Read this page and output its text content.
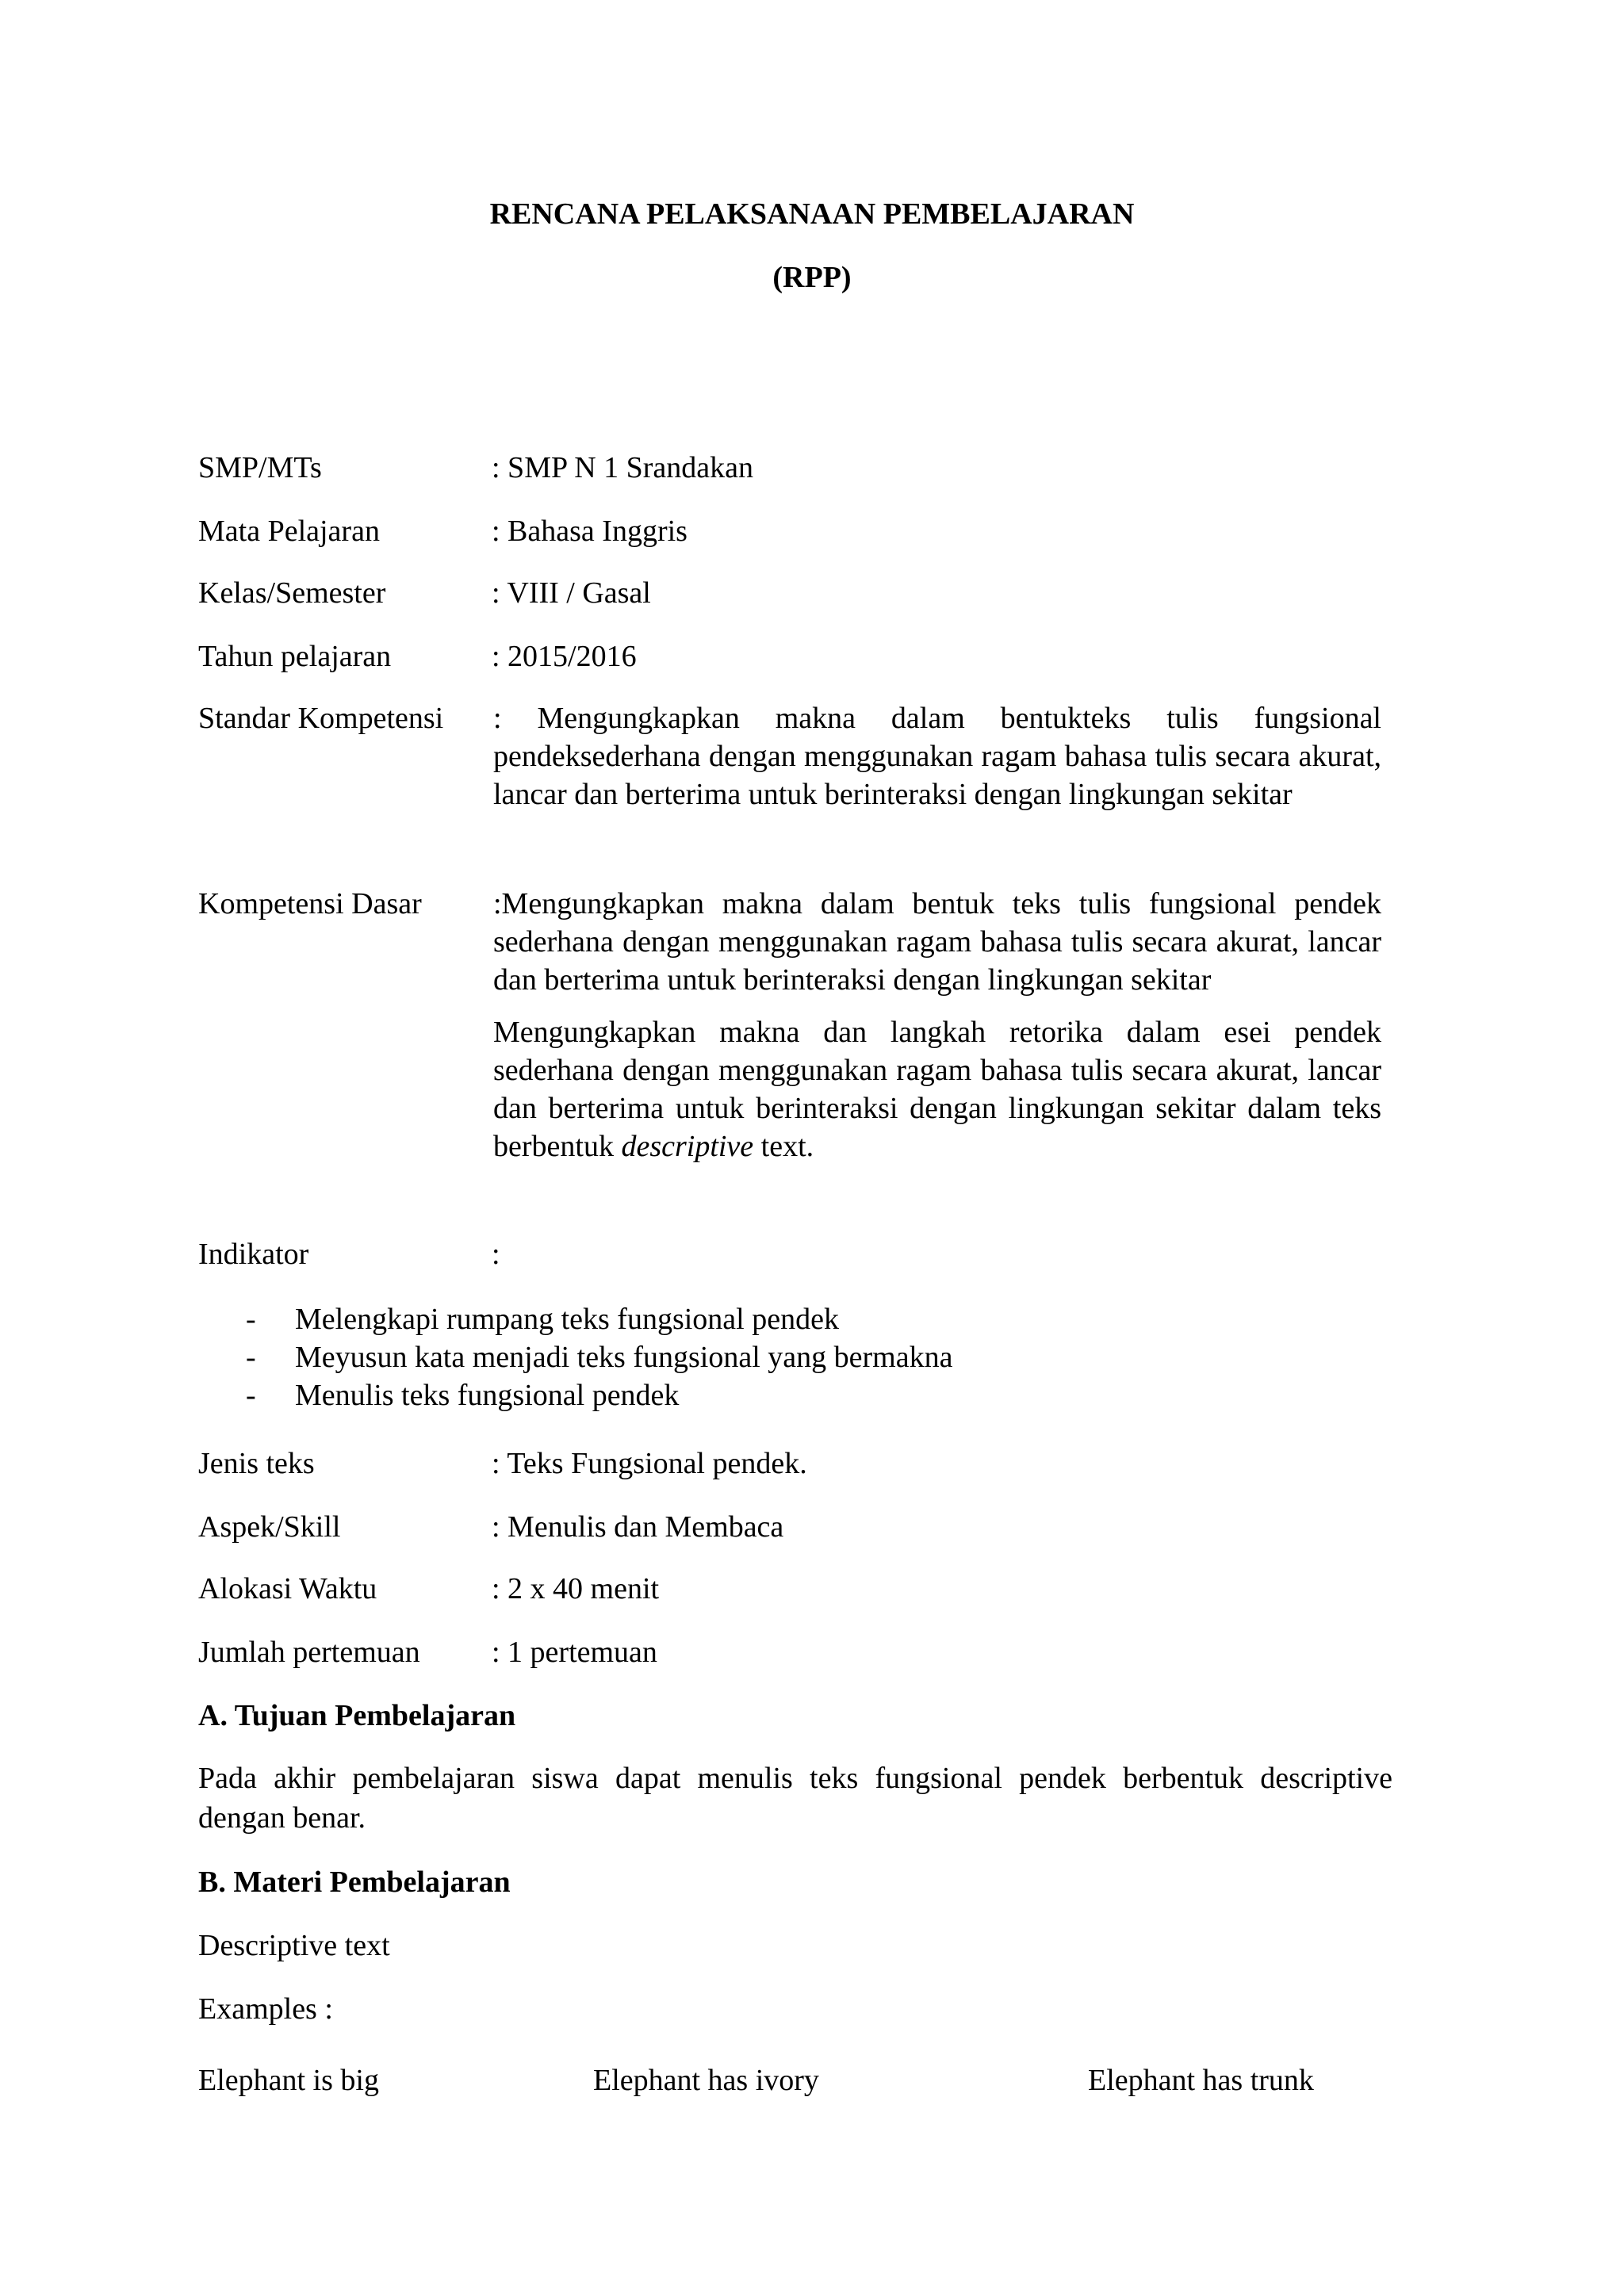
RENCANA PELAKSANAAN PEMBELAJARAN
(RPP)
SMP/MTs	: SMP N 1 Srandakan
Mata Pelajaran	: Bahasa Inggris
Kelas/Semester	: VIII / Gasal
Tahun pelajaran	: 2015/2016
Standar Kompetensi : Mengungkapkan makna dalam bentukteks tulis fungsional pendeksederhana dengan menggunakan ragam bahasa tulis secara akurat, lancar dan berterima untuk berinteraksi dengan lingkungan sekitar

Kompetensi Dasar :Mengungkapkan makna dalam bentuk teks tulis fungsional pendek sederhana dengan menggunakan ragam bahasa tulis secara akurat, lancar dan berterima untuk berinteraksi dengan lingkungan sekitar

Mengungkapkan makna dan langkah retorika dalam esei pendek sederhana dengan menggunakan ragam bahasa tulis secara akurat, lancar dan berterima untuk berinteraksi dengan lingkungan sekitar dalam teks berbentuk descriptive text.

Indikator	:
- Melengkapi rumpang teks fungsional pendek
- Meyusun kata menjadi teks fungsional yang bermakna
- Menulis teks fungsional pendek
Jenis teks	: Teks Fungsional pendek.
Aspek/Skill	: Menulis dan Membaca
Alokasi Waktu	: 2 x 40 menit
Jumlah pertemuan : 1 pertemuan
A. Tujuan Pembelajaran
Pada akhir pembelajaran siswa dapat menulis teks fungsional pendek berbentuk descriptive dengan benar.
B. Materi Pembelajaran
Descriptive text
Examples :
Elephant is big	Elephant has ivory	Elephant has trunk
